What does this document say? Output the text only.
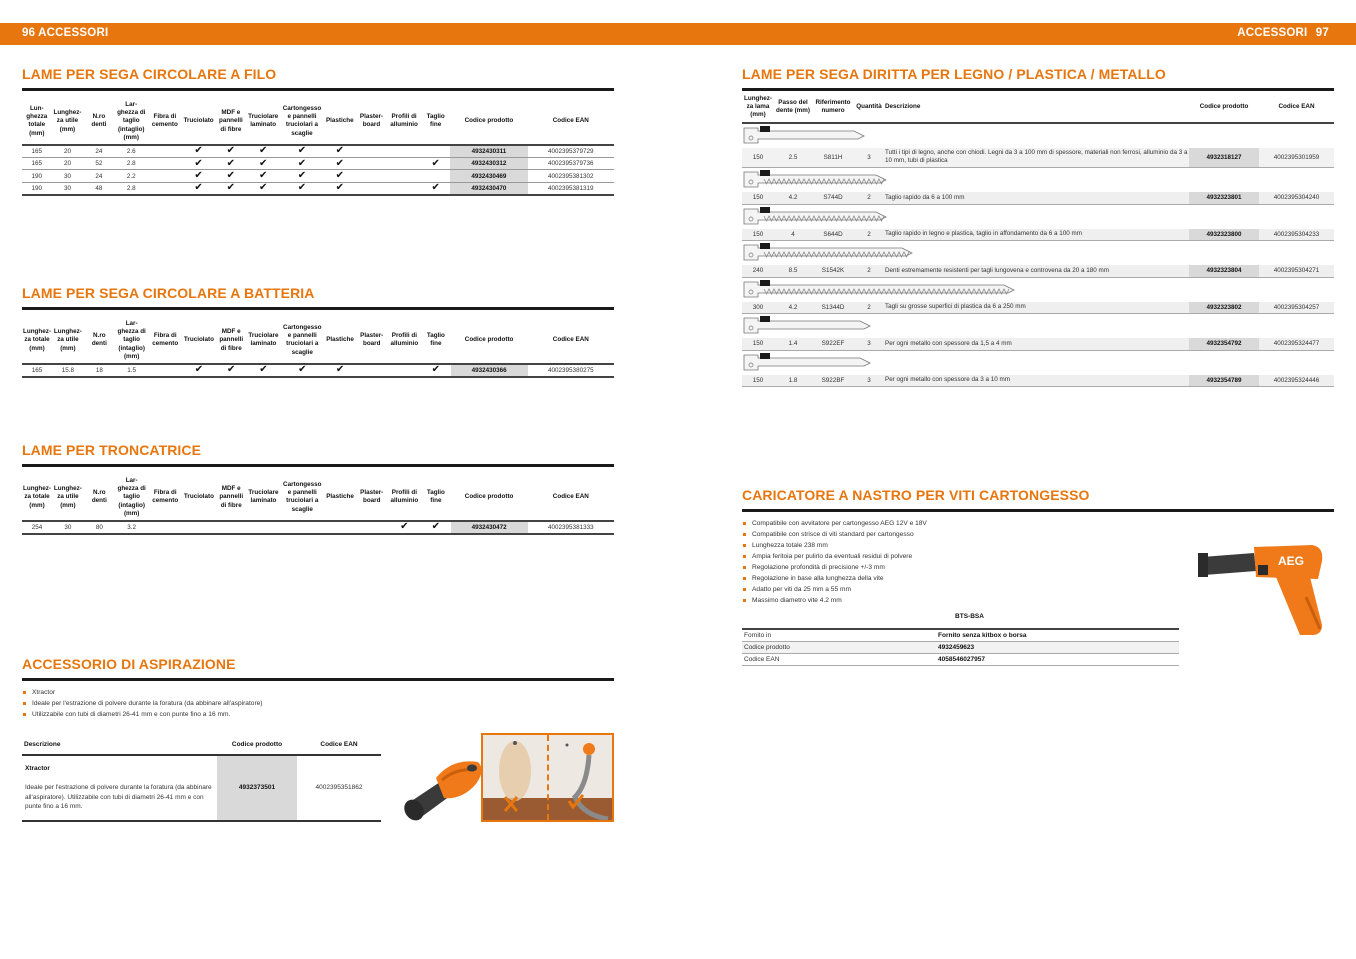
96 ACCESSORI	ACCESSORI 97
LAME PER SEGA CIRCOLARE A FILO
Lun-ghezza totale (mm)	Lunghez-za utile (mm)	N.ro denti	Lar-ghezza di taglio (intaglio) (mm)	Fibra di cemento	Truciolato	MDF e pannelli di fibre	Truciolare laminato	Cartongesso e pannelli truciolari a scaglie	Plastiche	Plaster-board	Profili di alluminio	Taglio fine	Codice prodotto	Codice EAN
165	20	24	2.6		✔	✔	✔	✔	✔				4932430311	4002395379729
165	20	52	2.8		✔	✔	✔	✔	✔			✔	4932430312	4002395379736
190	30	24	2.2		✔	✔	✔	✔	✔				4932430469	4002395381302
190	30	48	2.8		✔	✔	✔	✔	✔			✔	4932430470	4002395381319
LAME PER SEGA CIRCOLARE A BATTERIA
Lunghez-za totale (mm)	Lunghez-za utile (mm)	N.ro denti	Lar-ghezza di taglio (intaglio) (mm)	Fibra di cemento	Truciolato	MDF e pannelli di fibre	Truciolare laminato	Cartongesso e pannelli truciolari a scaglie	Plastiche	Plaster-board	Profili di alluminio	Taglio fine	Codice prodotto	Codice EAN
165	15.8	18	1.5		✔	✔	✔	✔	✔			✔	4932430366	4002395380275
LAME PER TRONCATRICE
Lunghez-za totale (mm)	Lunghez-za utile (mm)	N.ro denti	Lar-ghezza di taglio (intaglio) (mm)	Fibra di cemento	Truciolato	MDF e pannelli di fibre	Truciolare laminato	Cartongesso e pannelli truciolari a scaglie	Plastiche	Plaster-board	Profili di alluminio	Taglio fine	Codice prodotto	Codice EAN
254	30	80	3.2								✔	✔	4932430472	4002395381333
ACCESSORIO DI ASPIRAZIONE
Xtractor
Ideale per l'estrazione di polvere durante la foratura (da abbinare all'aspiratore)
Utilizzabile con tubi di diametri 26-41 mm e con punte fino a 16 mm.
Descrizione	Codice prodotto	Codice EAN

Xtractor
Ideale per l'estrazione di polvere durante la foratura (da abbinare all'aspiratore). Utilizzabile con tubi di diametri 26-41 mm e con punte fino a 16 mm.	4932373501	4002395351862
LAME PER SEGA DIRITTA PER LEGNO / PLASTICA / METALLO
Lunghez-za lama (mm)	Passo del dente (mm)	Riferimento numero	Quantità	Descrizione	Codice prodotto	Codice EAN

150	2.5	S811H	3	Tutti i tipi di legno, anche con chiodi. Legni da 3 a 100 mm di spessore, materiali non ferrosi, alluminio da 3 a 10 mm, tubi di plastica	4932318127	4002395301959

150	4.2	S744D	2	Taglio rapido da 6 a 100 mm	4932323801	4002395304240

150	4	S644D	2	Taglio rapido in legno e plastica, taglio in affondamento da 6 a 100 mm	4932323800	4002395304233

240	8.5	S1542K	2	Denti estremamente resistenti per tagli lungovena e controvena da 20 a 180 mm	4932323804	4002395304271

300	4.2	S1344D	2	Tagli su grosse superfici di plastica da 6 a 250 mm	4932323802	4002395304257

150	1.4	S922EF	3	Per ogni metallo con spessore da 1,5 a 4 mm	4932354792	4002395324477

150	1.8	S922BF	3	Per ogni metallo con spessore da 3 a 10 mm	4932354789	4002395324446
CARICATORE A NASTRO PER VITI CARTONGESSO
Compatibile con avvitatore per cartongesso AEG 12V e 18V
Compatibile con strisce di viti standard per cartongesso
Lunghezza totale 238 mm
Ampia feritoia per pulirlo da eventuali residui di polvere
Regolazione profondità di precisione +/-3 mm
Regolazione in base alla lunghezza della vite
Adatto per viti da 25 mm a 55 mm
Massimo diametro vite 4.2 mm
BTS-BSA
Fornito in	Fornito senza kitbox o borsa
Codice prodotto	4932459623
Codice EAN	4058546027957
AEG
